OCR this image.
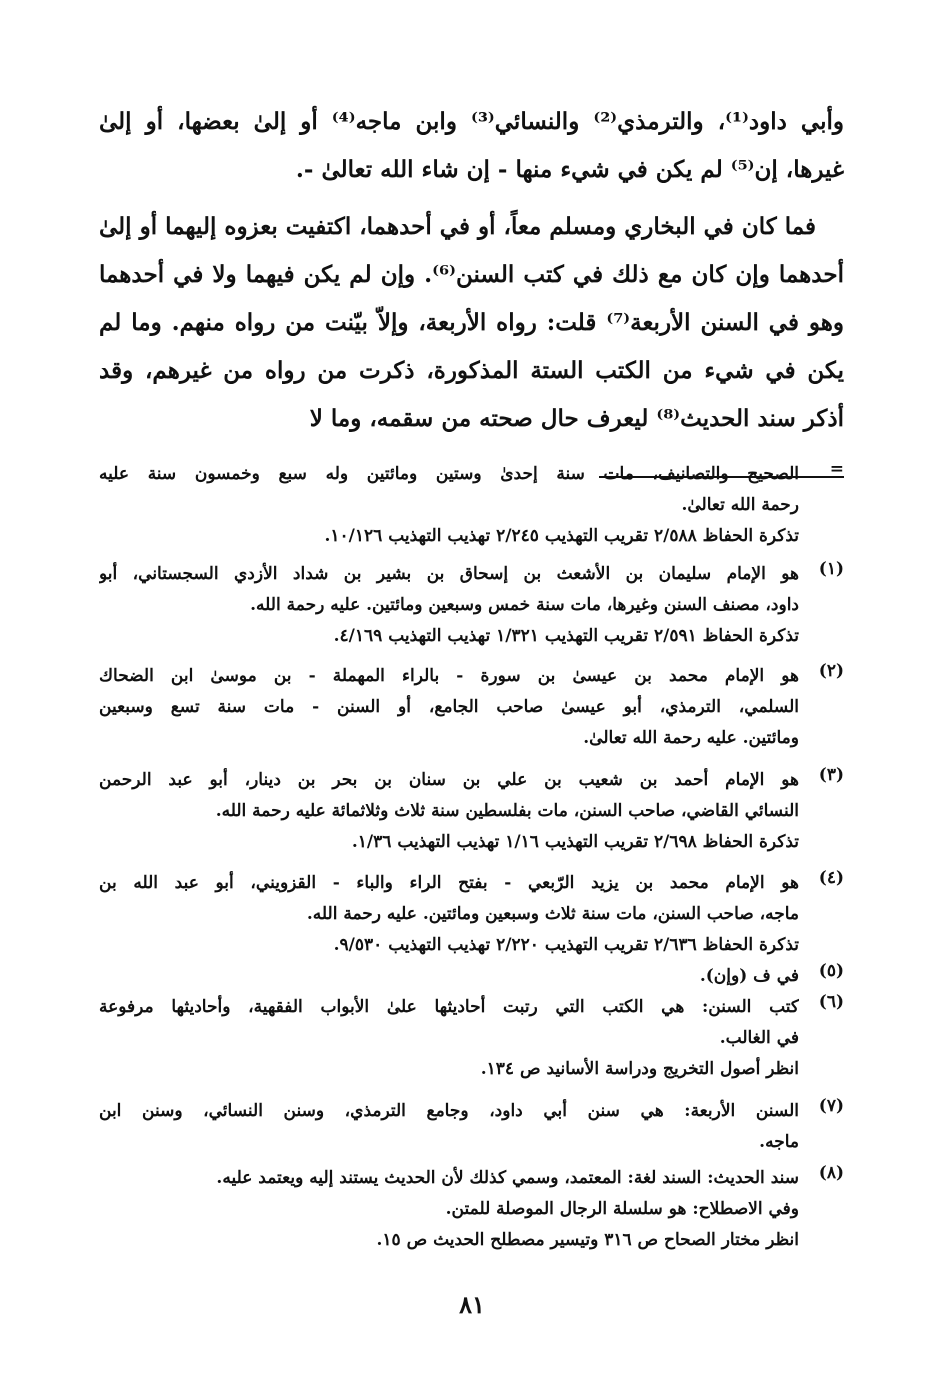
وأبي داود⁽¹⁾، والترمذي⁽²⁾ والنسائي⁽³⁾ وابن ماجه⁽⁴⁾ أو إلىٰ بعضها، أو إلىٰ غيرها، إن⁽⁵⁾ لم يكن في شيء منها - إن شاء الله تعالىٰ -.

فما كان في البخاري ومسلم معاً، أو في أحدهما، اكتفيت بعزوه إليهما أو إلىٰ أحدهما وإن كان مع ذلك في كتب السنن⁽⁶⁾. وإن لم يكن فيهما ولا في أحدهما وهو في السنن الأربعة⁽⁷⁾ قلت: رواه الأربعة، وإلاّ بيّنت من رواه منهم. وما لم يكن في شيء من الكتب الستة المذكورة، ذكرت من رواه من غيرهم، وقد أذكر سند الحديث⁽⁸⁾ ليعرف حال صحته من سقمه، وما لا

=
الصحيح والتصانيف، مات سنة إحدىٰ وستين ومائتين وله سبع وخمسون سنة عليه
رحمة الله تعالىٰ.
تذكرة الحفاظ ٢/٥٨٨ تقريب التهذيب ٢/٢٤٥ تهذيب التهذيب ١٠/١٢٦.
(١)
هو الإمام سليمان بن الأشعث بن إسحاق بن بشير بن شداد الأزدي السجستاني، أبو
داود، مصنف السنن وغيرها، مات سنة خمس وسبعين ومائتين. عليه رحمة الله.
تذكرة الحفاظ ٢/٥٩١ تقريب التهذيب ١/٣٢١ تهذيب التهذيب ٤/١٦٩.
(٢)
هو الإمام محمد بن عيسىٰ بن سورة - بالراء المهملة - بن موسىٰ ابن الضحاك
السلمي، الترمذي، أبو عيسىٰ صاحب الجامع، أو السنن - مات سنة تسع وسبعين
ومائتين. عليه رحمة الله تعالىٰ.
(٣)
هو الإمام أحمد بن شعيب بن علي بن سنان بن بحر بن دينار، أبو عبد الرحمن
النسائي القاضي، صاحب السنن، مات بفلسطين سنة ثلاث وثلاثمائة عليه رحمة الله.
تذكرة الحفاظ ٢/٦٩٨ تقريب التهذيب ١/١٦ تهذيب التهذيب ١/٣٦.
(٤)
هو الإمام محمد بن يزيد الرّبعي - بفتح الراء والباء - القزويني، أبو عبد الله بن
ماجه، صاحب السنن، مات سنة ثلاث وسبعين ومائتين. عليه رحمة الله.
تذكرة الحفاظ ٢/٦٣٦ تقريب التهذيب ٢/٢٢٠ تهذيب التهذيب ٩/٥٣٠.
(٥)
في ف (وإن).
(٦)
كتب السنن: هي الكتب التي رتبت أحاديثها علىٰ الأبواب الفقهية، وأحاديثها مرفوعة
في الغالب.
انظر أصول التخريج ودراسة الأسانيد ص ١٣٤.
(٧)
السنن الأربعة: هي سنن أبي داود، وجامع الترمذي، وسنن النسائي، وسنن ابن
ماجه.
(٨)
سند الحديث: السند لغة: المعتمد، وسمي كذلك لأن الحديث يستند إليه ويعتمد عليه.
وفي الاصطلاح: هو سلسلة الرجال الموصلة للمتن.
انظر مختار الصحاح ص ٣١٦ وتيسير مصطلح الحديث ص ١٥.
٨١
